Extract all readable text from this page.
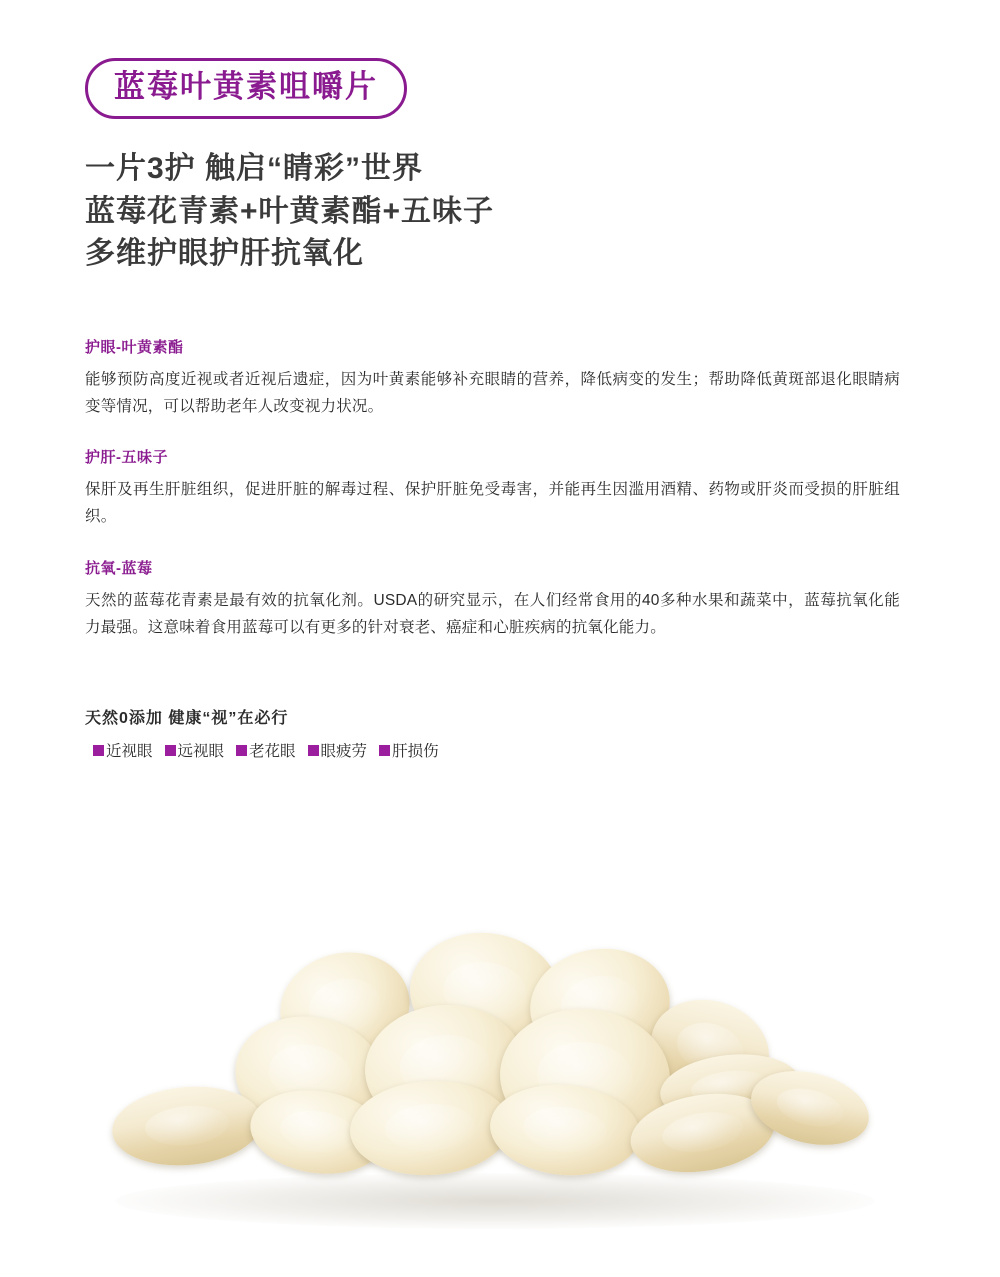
蓝莓叶黄素咀嚼片
一片3护 触启“睛彩”世界
蓝莓花青素+叶黄素酯+五味子
多维护眼护肝抗氧化
护眼-叶黄素酯
能够预防高度近视或者近视后遗症，因为叶黄素能够补充眼睛的营养，降低病变的发生；帮助降低黄斑部退化眼睛病变等情况，可以帮助老年人改变视力状况。
护肝-五味子
保肝及再生肝脏组织，促进肝脏的解毒过程、保护肝脏免受毒害，并能再生因滥用酒精、药物或肝炎而受损的肝脏组织。
抗氧-蓝莓
天然的蓝莓花青素是最有效的抗氧化剂。USDA的研究显示，在人们经常食用的40多种水果和蔬菜中，蓝莓抗氧化能力最强。这意味着食用蓝莓可以有更多的针对衰老、癌症和心脏疾病的抗氧化能力。
天然0添加 健康“视”在必行
近视眼 远视眼 老花眼 眼疲劳 肝损伤
